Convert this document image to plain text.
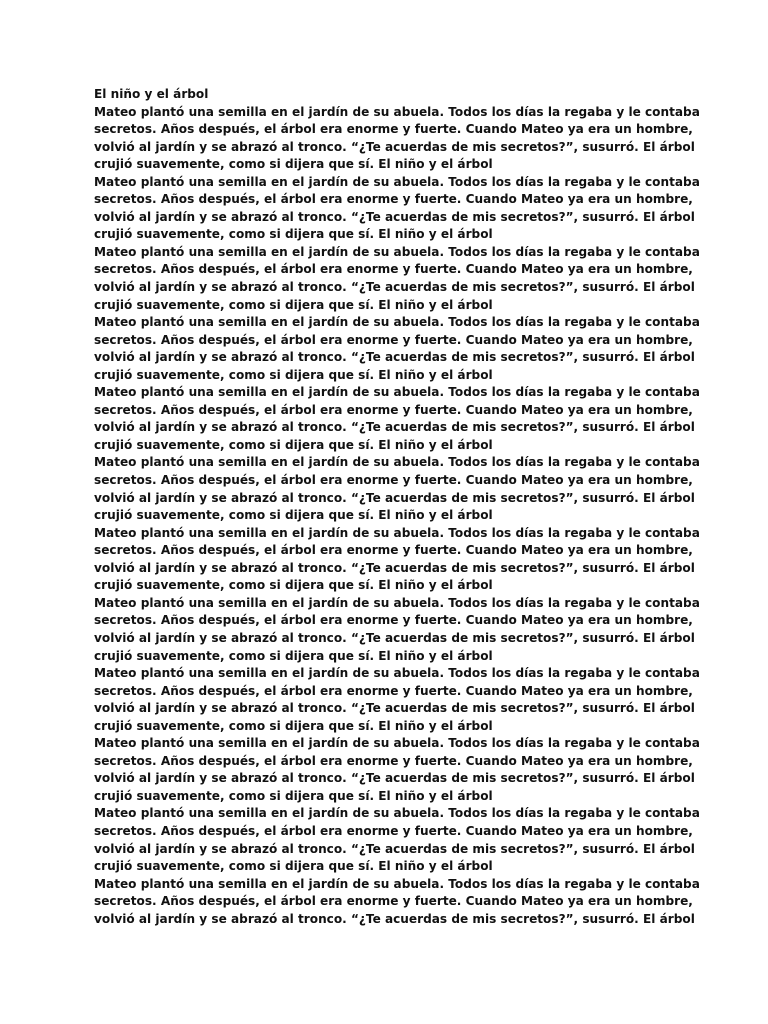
El niño y el árbol
Mateo plantó una semilla en el jardín de su abuela. Todos los días la regaba y le contaba
secretos. Años después, el árbol era enorme y fuerte. Cuando Mateo ya era un hombre,
volvió al jardín y se abrazó al tronco. “¿Te acuerdas de mis secretos?”, susurró. El árbol
crujió suavemente, como si dijera que sí. El niño y el árbol
Mateo plantó una semilla en el jardín de su abuela. Todos los días la regaba y le contaba
secretos. Años después, el árbol era enorme y fuerte. Cuando Mateo ya era un hombre,
volvió al jardín y se abrazó al tronco. “¿Te acuerdas de mis secretos?”, susurró. El árbol
crujió suavemente, como si dijera que sí. El niño y el árbol
Mateo plantó una semilla en el jardín de su abuela. Todos los días la regaba y le contaba
secretos. Años después, el árbol era enorme y fuerte. Cuando Mateo ya era un hombre,
volvió al jardín y se abrazó al tronco. “¿Te acuerdas de mis secretos?”, susurró. El árbol
crujió suavemente, como si dijera que sí. El niño y el árbol
Mateo plantó una semilla en el jardín de su abuela. Todos los días la regaba y le contaba
secretos. Años después, el árbol era enorme y fuerte. Cuando Mateo ya era un hombre,
volvió al jardín y se abrazó al tronco. “¿Te acuerdas de mis secretos?”, susurró. El árbol
crujió suavemente, como si dijera que sí. El niño y el árbol
Mateo plantó una semilla en el jardín de su abuela. Todos los días la regaba y le contaba
secretos. Años después, el árbol era enorme y fuerte. Cuando Mateo ya era un hombre,
volvió al jardín y se abrazó al tronco. “¿Te acuerdas de mis secretos?”, susurró. El árbol
crujió suavemente, como si dijera que sí. El niño y el árbol
Mateo plantó una semilla en el jardín de su abuela. Todos los días la regaba y le contaba
secretos. Años después, el árbol era enorme y fuerte. Cuando Mateo ya era un hombre,
volvió al jardín y se abrazó al tronco. “¿Te acuerdas de mis secretos?”, susurró. El árbol
crujió suavemente, como si dijera que sí. El niño y el árbol
Mateo plantó una semilla en el jardín de su abuela. Todos los días la regaba y le contaba
secretos. Años después, el árbol era enorme y fuerte. Cuando Mateo ya era un hombre,
volvió al jardín y se abrazó al tronco. “¿Te acuerdas de mis secretos?”, susurró. El árbol
crujió suavemente, como si dijera que sí. El niño y el árbol
Mateo plantó una semilla en el jardín de su abuela. Todos los días la regaba y le contaba
secretos. Años después, el árbol era enorme y fuerte. Cuando Mateo ya era un hombre,
volvió al jardín y se abrazó al tronco. “¿Te acuerdas de mis secretos?”, susurró. El árbol
crujió suavemente, como si dijera que sí. El niño y el árbol
Mateo plantó una semilla en el jardín de su abuela. Todos los días la regaba y le contaba
secretos. Años después, el árbol era enorme y fuerte. Cuando Mateo ya era un hombre,
volvió al jardín y se abrazó al tronco. “¿Te acuerdas de mis secretos?”, susurró. El árbol
crujió suavemente, como si dijera que sí. El niño y el árbol
Mateo plantó una semilla en el jardín de su abuela. Todos los días la regaba y le contaba
secretos. Años después, el árbol era enorme y fuerte. Cuando Mateo ya era un hombre,
volvió al jardín y se abrazó al tronco. “¿Te acuerdas de mis secretos?”, susurró. El árbol
crujió suavemente, como si dijera que sí. El niño y el árbol
Mateo plantó una semilla en el jardín de su abuela. Todos los días la regaba y le contaba
secretos. Años después, el árbol era enorme y fuerte. Cuando Mateo ya era un hombre,
volvió al jardín y se abrazó al tronco. “¿Te acuerdas de mis secretos?”, susurró. El árbol
crujió suavemente, como si dijera que sí. El niño y el árbol
Mateo plantó una semilla en el jardín de su abuela. Todos los días la regaba y le contaba
secretos. Años después, el árbol era enorme y fuerte. Cuando Mateo ya era un hombre,
volvió al jardín y se abrazó al tronco. “¿Te acuerdas de mis secretos?”, susurró. El árbol
